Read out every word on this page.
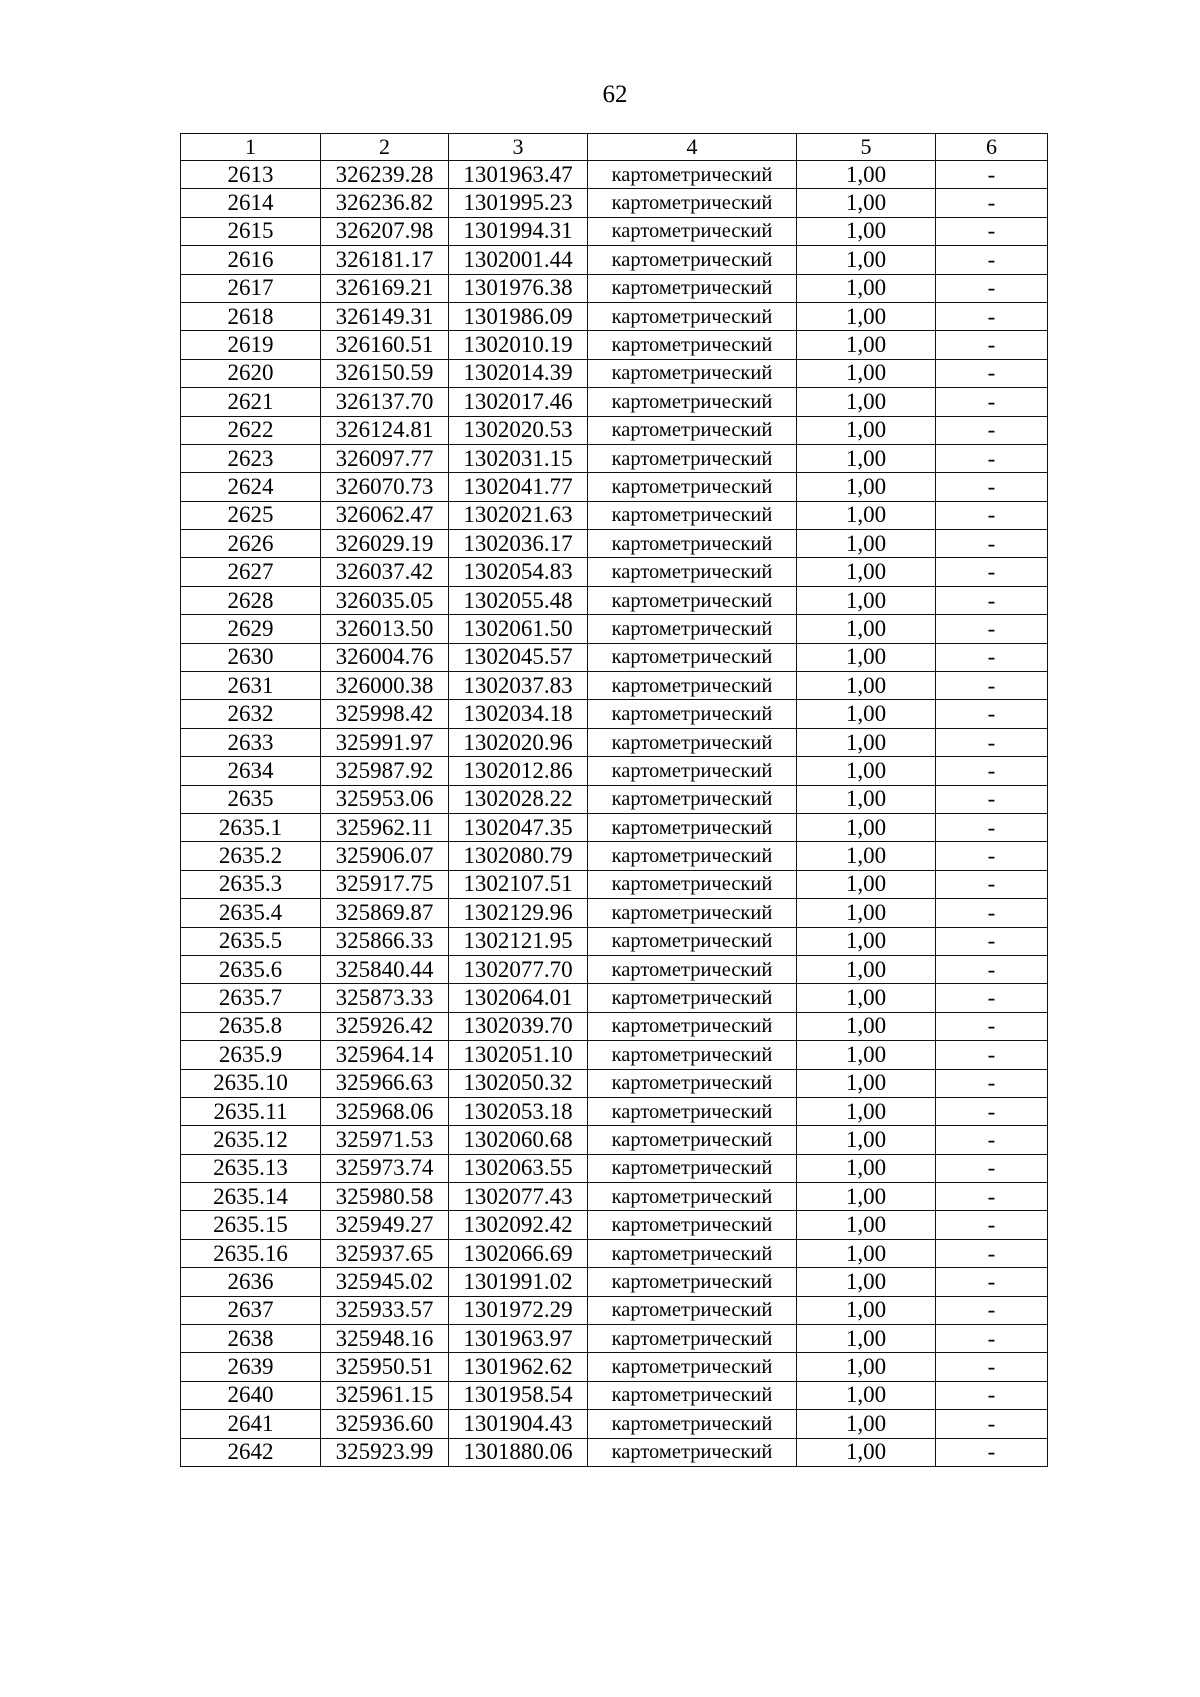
62
1	2	3	4	5	6
2613	326239.28	1301963.47	картометрический	1,00	-
2614	326236.82	1301995.23	картометрический	1,00	-
2615	326207.98	1301994.31	картометрический	1,00	-
2616	326181.17	1302001.44	картометрический	1,00	-
2617	326169.21	1301976.38	картометрический	1,00	-
2618	326149.31	1301986.09	картометрический	1,00	-
2619	326160.51	1302010.19	картометрический	1,00	-
2620	326150.59	1302014.39	картометрический	1,00	-
2621	326137.70	1302017.46	картометрический	1,00	-
2622	326124.81	1302020.53	картометрический	1,00	-
2623	326097.77	1302031.15	картометрический	1,00	-
2624	326070.73	1302041.77	картометрический	1,00	-
2625	326062.47	1302021.63	картометрический	1,00	-
2626	326029.19	1302036.17	картометрический	1,00	-
2627	326037.42	1302054.83	картометрический	1,00	-
2628	326035.05	1302055.48	картометрический	1,00	-
2629	326013.50	1302061.50	картометрический	1,00	-
2630	326004.76	1302045.57	картометрический	1,00	-
2631	326000.38	1302037.83	картометрический	1,00	-
2632	325998.42	1302034.18	картометрический	1,00	-
2633	325991.97	1302020.96	картометрический	1,00	-
2634	325987.92	1302012.86	картометрический	1,00	-
2635	325953.06	1302028.22	картометрический	1,00	-
2635.1	325962.11	1302047.35	картометрический	1,00	-
2635.2	325906.07	1302080.79	картометрический	1,00	-
2635.3	325917.75	1302107.51	картометрический	1,00	-
2635.4	325869.87	1302129.96	картометрический	1,00	-
2635.5	325866.33	1302121.95	картометрический	1,00	-
2635.6	325840.44	1302077.70	картометрический	1,00	-
2635.7	325873.33	1302064.01	картометрический	1,00	-
2635.8	325926.42	1302039.70	картометрический	1,00	-
2635.9	325964.14	1302051.10	картометрический	1,00	-
2635.10	325966.63	1302050.32	картометрический	1,00	-
2635.11	325968.06	1302053.18	картометрический	1,00	-
2635.12	325971.53	1302060.68	картометрический	1,00	-
2635.13	325973.74	1302063.55	картометрический	1,00	-
2635.14	325980.58	1302077.43	картометрический	1,00	-
2635.15	325949.27	1302092.42	картометрический	1,00	-
2635.16	325937.65	1302066.69	картометрический	1,00	-
2636	325945.02	1301991.02	картометрический	1,00	-
2637	325933.57	1301972.29	картометрический	1,00	-
2638	325948.16	1301963.97	картометрический	1,00	-
2639	325950.51	1301962.62	картометрический	1,00	-
2640	325961.15	1301958.54	картометрический	1,00	-
2641	325936.60	1301904.43	картометрический	1,00	-
2642	325923.99	1301880.06	картометрический	1,00	-
